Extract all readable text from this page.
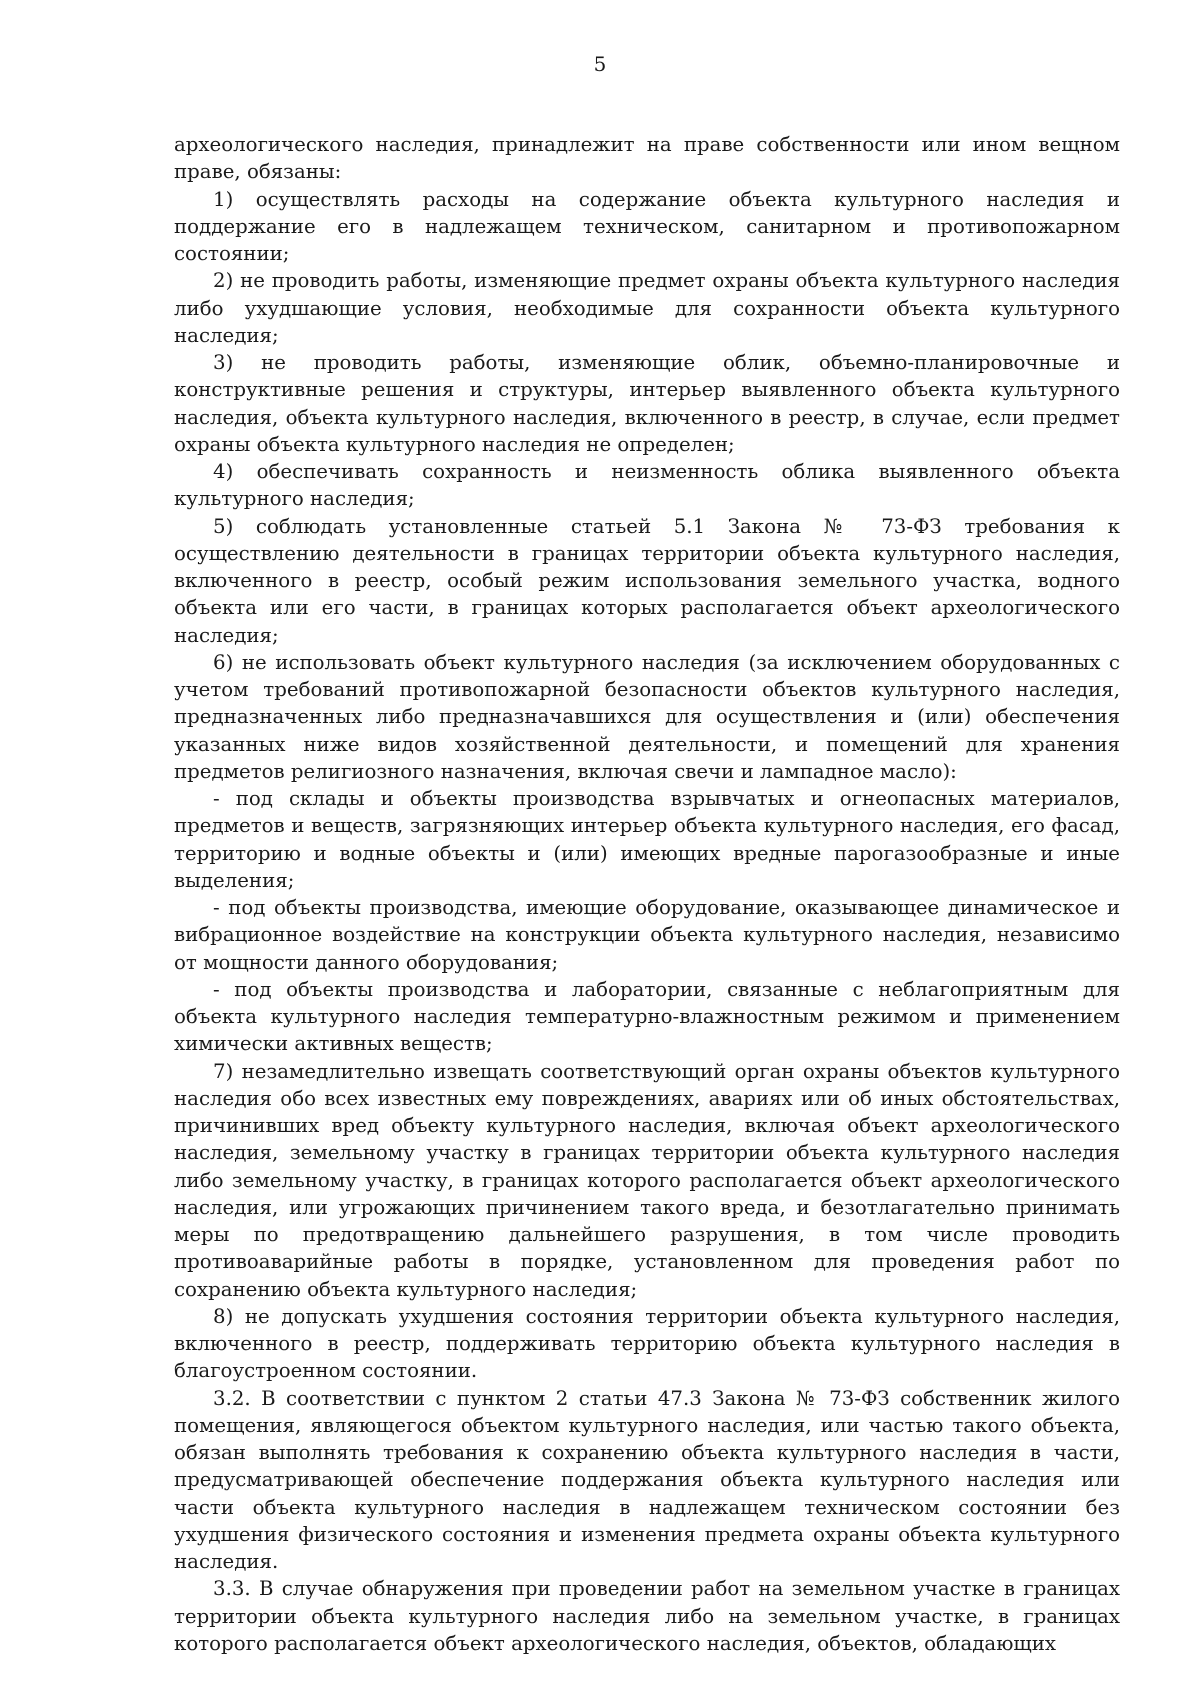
5

археологического наследия, принадлежит на праве собственности или ином вещном праве, обязаны:

1) осуществлять расходы на содержание объекта культурного наследия и поддержание его в надлежащем техническом, санитарном и противопожарном состоянии;

2) не проводить работы, изменяющие предмет охраны объекта культурного наследия либо ухудшающие условия, необходимые для сохранности объекта культурного наследия;

3) не проводить работы, изменяющие облик, объемно-планировочные и конструктивные решения и структуры, интерьер выявленного объекта культурного наследия, объекта культурного наследия, включенного в реестр, в случае, если предмет охраны объекта культурного наследия не определен;

4) обеспечивать сохранность и неизменность облика выявленного объекта культурного наследия;

5) соблюдать установленные статьей 5.1 Закона № 73-ФЗ требования к осуществлению деятельности в границах территории объекта культурного наследия, включенного в реестр, особый режим использования земельного участка, водного объекта или его части, в границах которых располагается объект археологического наследия;

6) не использовать объект культурного наследия (за исключением оборудованных с учетом требований противопожарной безопасности объектов культурного наследия, предназначенных либо предназначавшихся для осуществления и (или) обеспечения указанных ниже видов хозяйственной деятельности, и помещений для хранения предметов религиозного назначения, включая свечи и лампадное масло):

- под склады и объекты производства взрывчатых и огнеопасных материалов, предметов и веществ, загрязняющих интерьер объекта культурного наследия, его фасад, территорию и водные объекты и (или) имеющих вредные парогазообразные и иные выделения;

- под объекты производства, имеющие оборудование, оказывающее динамическое и вибрационное воздействие на конструкции объекта культурного наследия, независимо от мощности данного оборудования;

- под объекты производства и лаборатории, связанные с неблагоприятным для объекта культурного наследия температурно-влажностным режимом и применением химически активных веществ;

7) незамедлительно извещать соответствующий орган охраны объектов культурного наследия обо всех известных ему повреждениях, авариях или об иных обстоятельствах, причинивших вред объекту культурного наследия, включая объект археологического наследия, земельному участку в границах территории объекта культурного наследия либо земельному участку, в границах которого располагается объект археологического наследия, или угрожающих причинением такого вреда, и безотлагательно принимать меры по предотвращению дальнейшего разрушения, в том числе проводить противоаварийные работы в порядке, установленном для проведения работ по сохранению объекта культурного наследия;

8) не допускать ухудшения состояния территории объекта культурного наследия, включенного в реестр, поддерживать территорию объекта культурного наследия в благоустроенном состоянии.

3.2. В соответствии с пунктом 2 статьи 47.3 Закона № 73-ФЗ собственник жилого помещения, являющегося объектом культурного наследия, или частью такого объекта, обязан выполнять требования к сохранению объекта культурного наследия в части, предусматривающей обеспечение поддержания объекта культурного наследия или части объекта культурного наследия в надлежащем техническом состоянии без ухудшения физического состояния и изменения предмета охраны объекта культурного наследия.

3.3. В случае обнаружения при проведении работ на земельном участке в границах территории объекта культурного наследия либо на земельном участке, в границах которого располагается объект археологического наследия, объектов, обладающих
